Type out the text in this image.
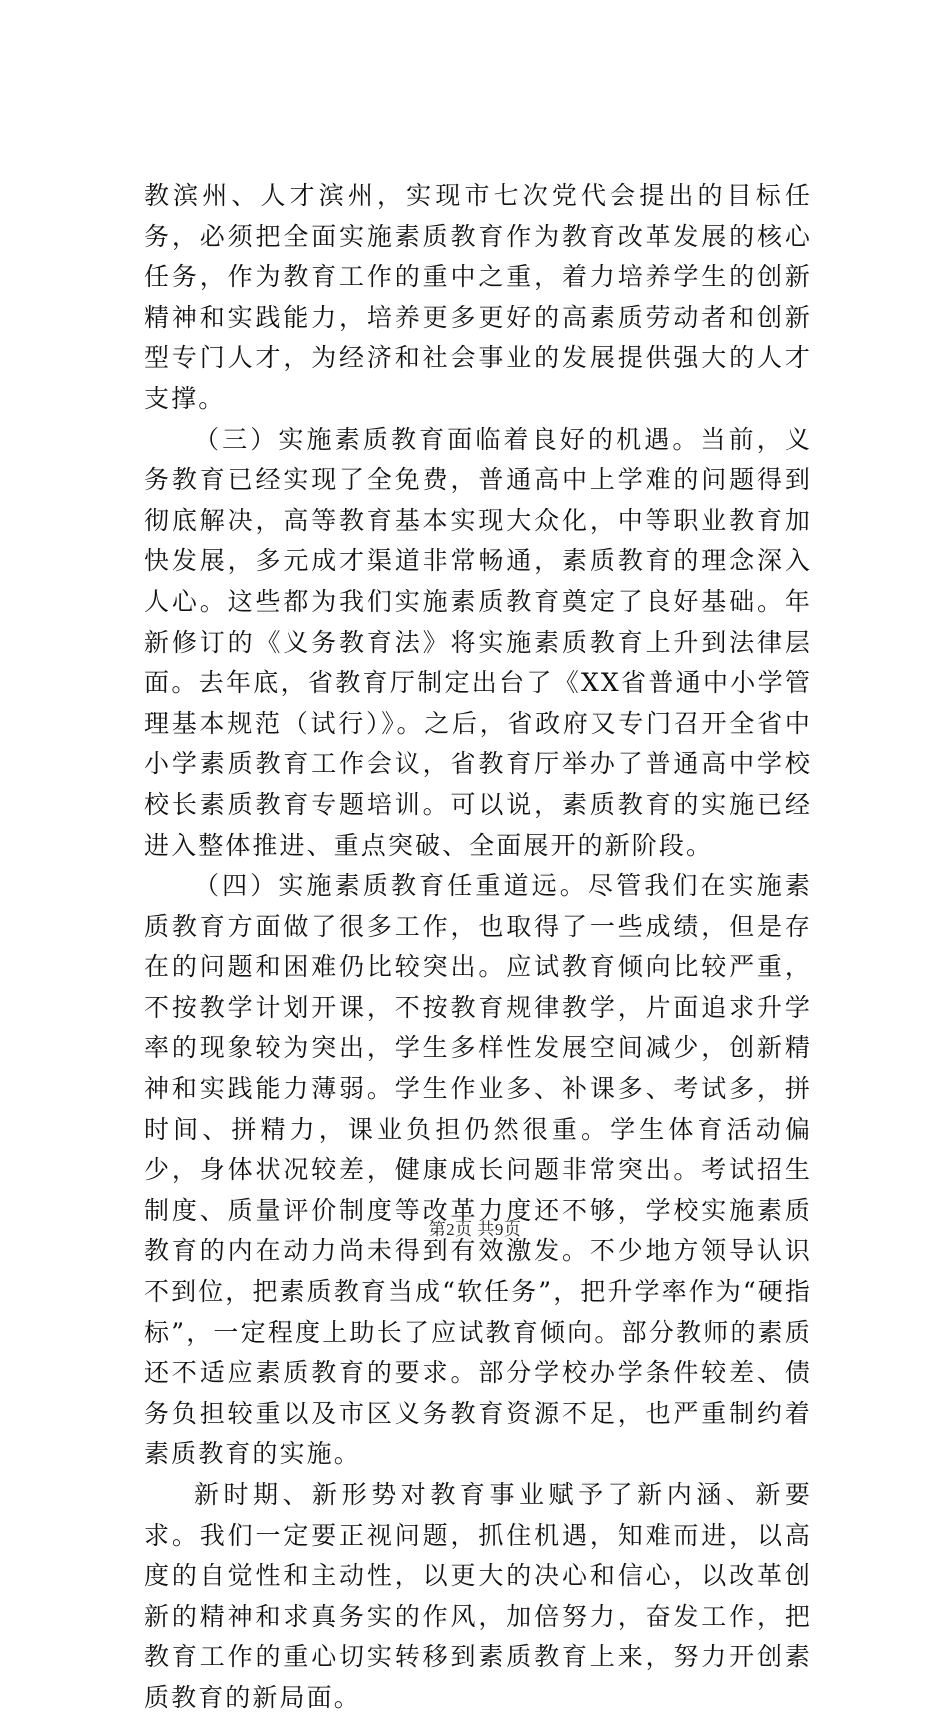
教滨州、人才滨州，实现市七次党代会提出的目标任务，必须把全面实施素质教育作为教育改革发展的核心任务，作为教育工作的重中之重，着力培养学生的创新精神和实践能力，培养更多更好的高素质劳动者和创新型专门人才，为经济和社会事业的发展提供强大的人才支撑。

（三）实施素质教育面临着良好的机遇。当前，义务教育已经实现了全免费，普通高中上学难的问题得到彻底解决，高等教育基本实现大众化，中等职业教育加快发展，多元成才渠道非常畅通，素质教育的理念深入人心。这些都为我们实施素质教育奠定了良好基础。年新修订的《义务教育法》将实施素质教育上升到法律层面。去年底，省教育厅制定出台了《XX省普通中小学管理基本规范（试行）》。之后，省政府又专门召开全省中小学素质教育工作会议，省教育厅举办了普通高中学校校长素质教育专题培训。可以说，素质教育的实施已经进入整体推进、重点突破、全面展开的新阶段。

（四）实施素质教育任重道远。尽管我们在实施素质教育方面做了很多工作，也取得了一些成绩，但是存在的问题和困难仍比较突出。应试教育倾向比较严重，不按教学计划开课，不按教育规律教学，片面追求升学率的现象较为突出，学生多样性发展空间减少，创新精神和实践能力薄弱。学生作业多、补课多、考试多，拼时间、拼精力，课业负担仍然很重。学生体育活动偏少，身体状况较差，健康成长问题非常突出。考试招生制度、质量评价制度等改革力度还不够，学校实施素质教育的内在动力尚未得到有效激发。不少地方领导认识不到位，把素质教育当成“软任务”，把升学率作为“硬指标”，一定程度上助长了应试教育倾向。部分教师的素质还不适应素质教育的要求。部分学校办学条件较差、债务负担较重以及市区义务教育资源不足，也严重制约着素质教育的实施。

新时期、新形势对教育事业赋予了新内涵、新要求。我们一定要正视问题，抓住机遇，知难而进，以高度的自觉性和主动性，以更大的决心和信心，以改革创新的精神和求真务实的作风，加倍努力，奋发工作，把教育工作的重心切实转移到素质教育上来，努力开创素质教育的新局面。

第2页 共9页
